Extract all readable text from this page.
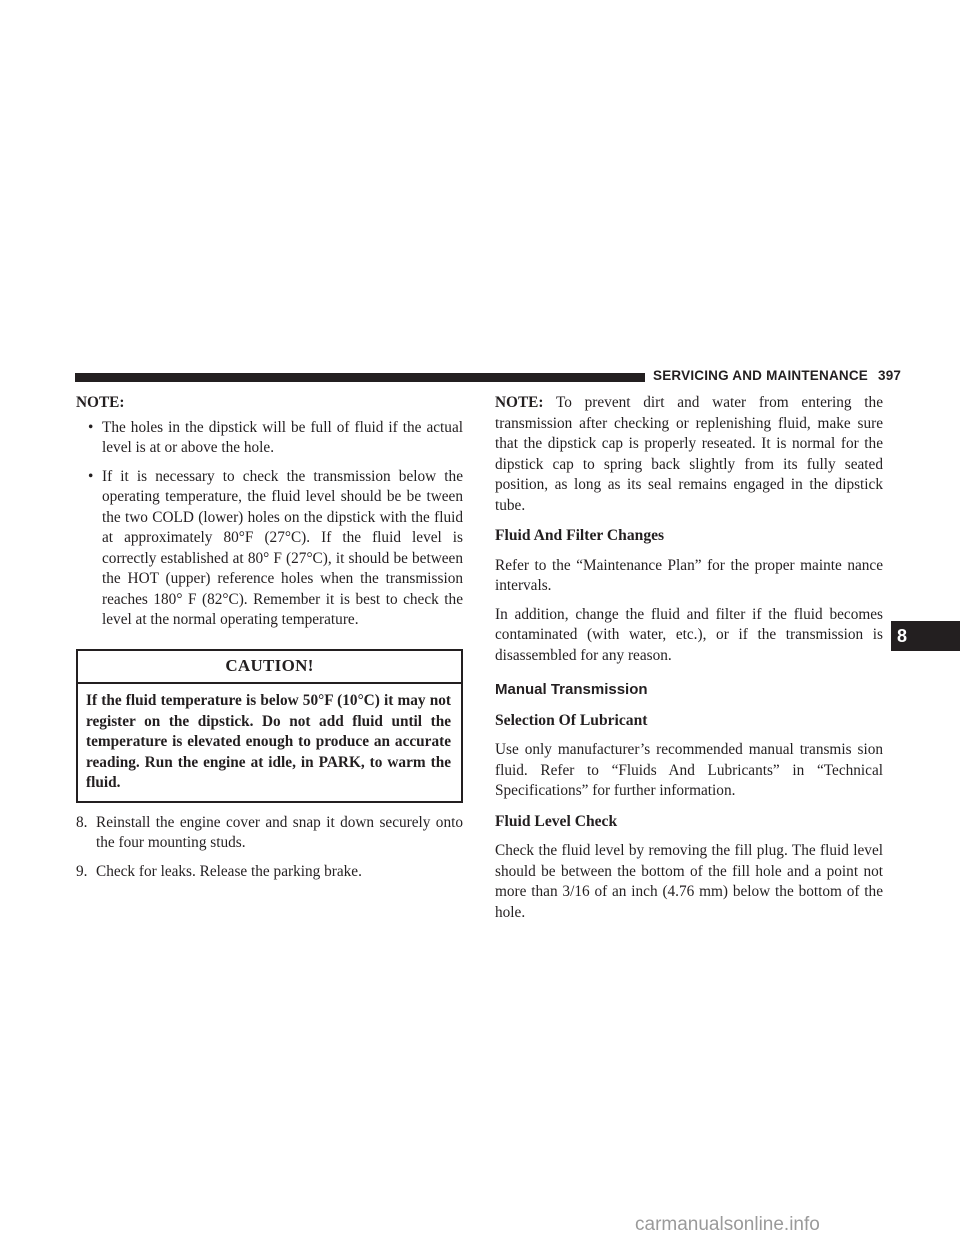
SERVICING AND MAINTENANCE 397

NOTE:

• The holes in the dipstick will be full of fluid if the actual level is at or above the hole.
• If it is necessary to check the transmission below the operating temperature, the fluid level should be be tween the two COLD (lower) holes on the dipstick with the fluid at approximately 80°F (27°C). If the fluid level is correctly established at 80° F (27°C), it should be between the HOT (upper) reference holes when the transmission reaches 180° F (82°C). Remember it is best to check the level at the normal operating temperature.
CAUTION!
If the fluid temperature is below 50°F (10°C) it may not register on the dipstick. Do not add fluid until the temperature is elevated enough to produce an accurate reading. Run the engine at idle, in PARK, to warm the fluid.
8. Reinstall the engine cover and snap it down securely onto the four mounting studs.
9. Check for leaks. Release the parking brake.

NOTE: To prevent dirt and water from entering the transmission after checking or replenishing fluid, make sure that the dipstick cap is properly reseated. It is normal for the dipstick cap to spring back slightly from its fully seated position, as long as its seal remains engaged in the dipstick tube.

Fluid And Filter Changes

Refer to the “Maintenance Plan” for the proper mainte nance intervals.

In addition, change the fluid and filter if the fluid becomes contaminated (with water, etc.), or if the transmission is disassembled for any reason.

Manual Transmission

Selection Of Lubricant

Use only manufacturer’s recommended manual transmis sion fluid. Refer to “Fluids And Lubricants” in “Technical Specifications” for further information.

Fluid Level Check

Check the fluid level by removing the fill plug. The fluid level should be between the bottom of the fill hole and a point not more than 3/16 of an inch (4.76 mm) below the bottom of the hole.

8
carmanualsonline.info
